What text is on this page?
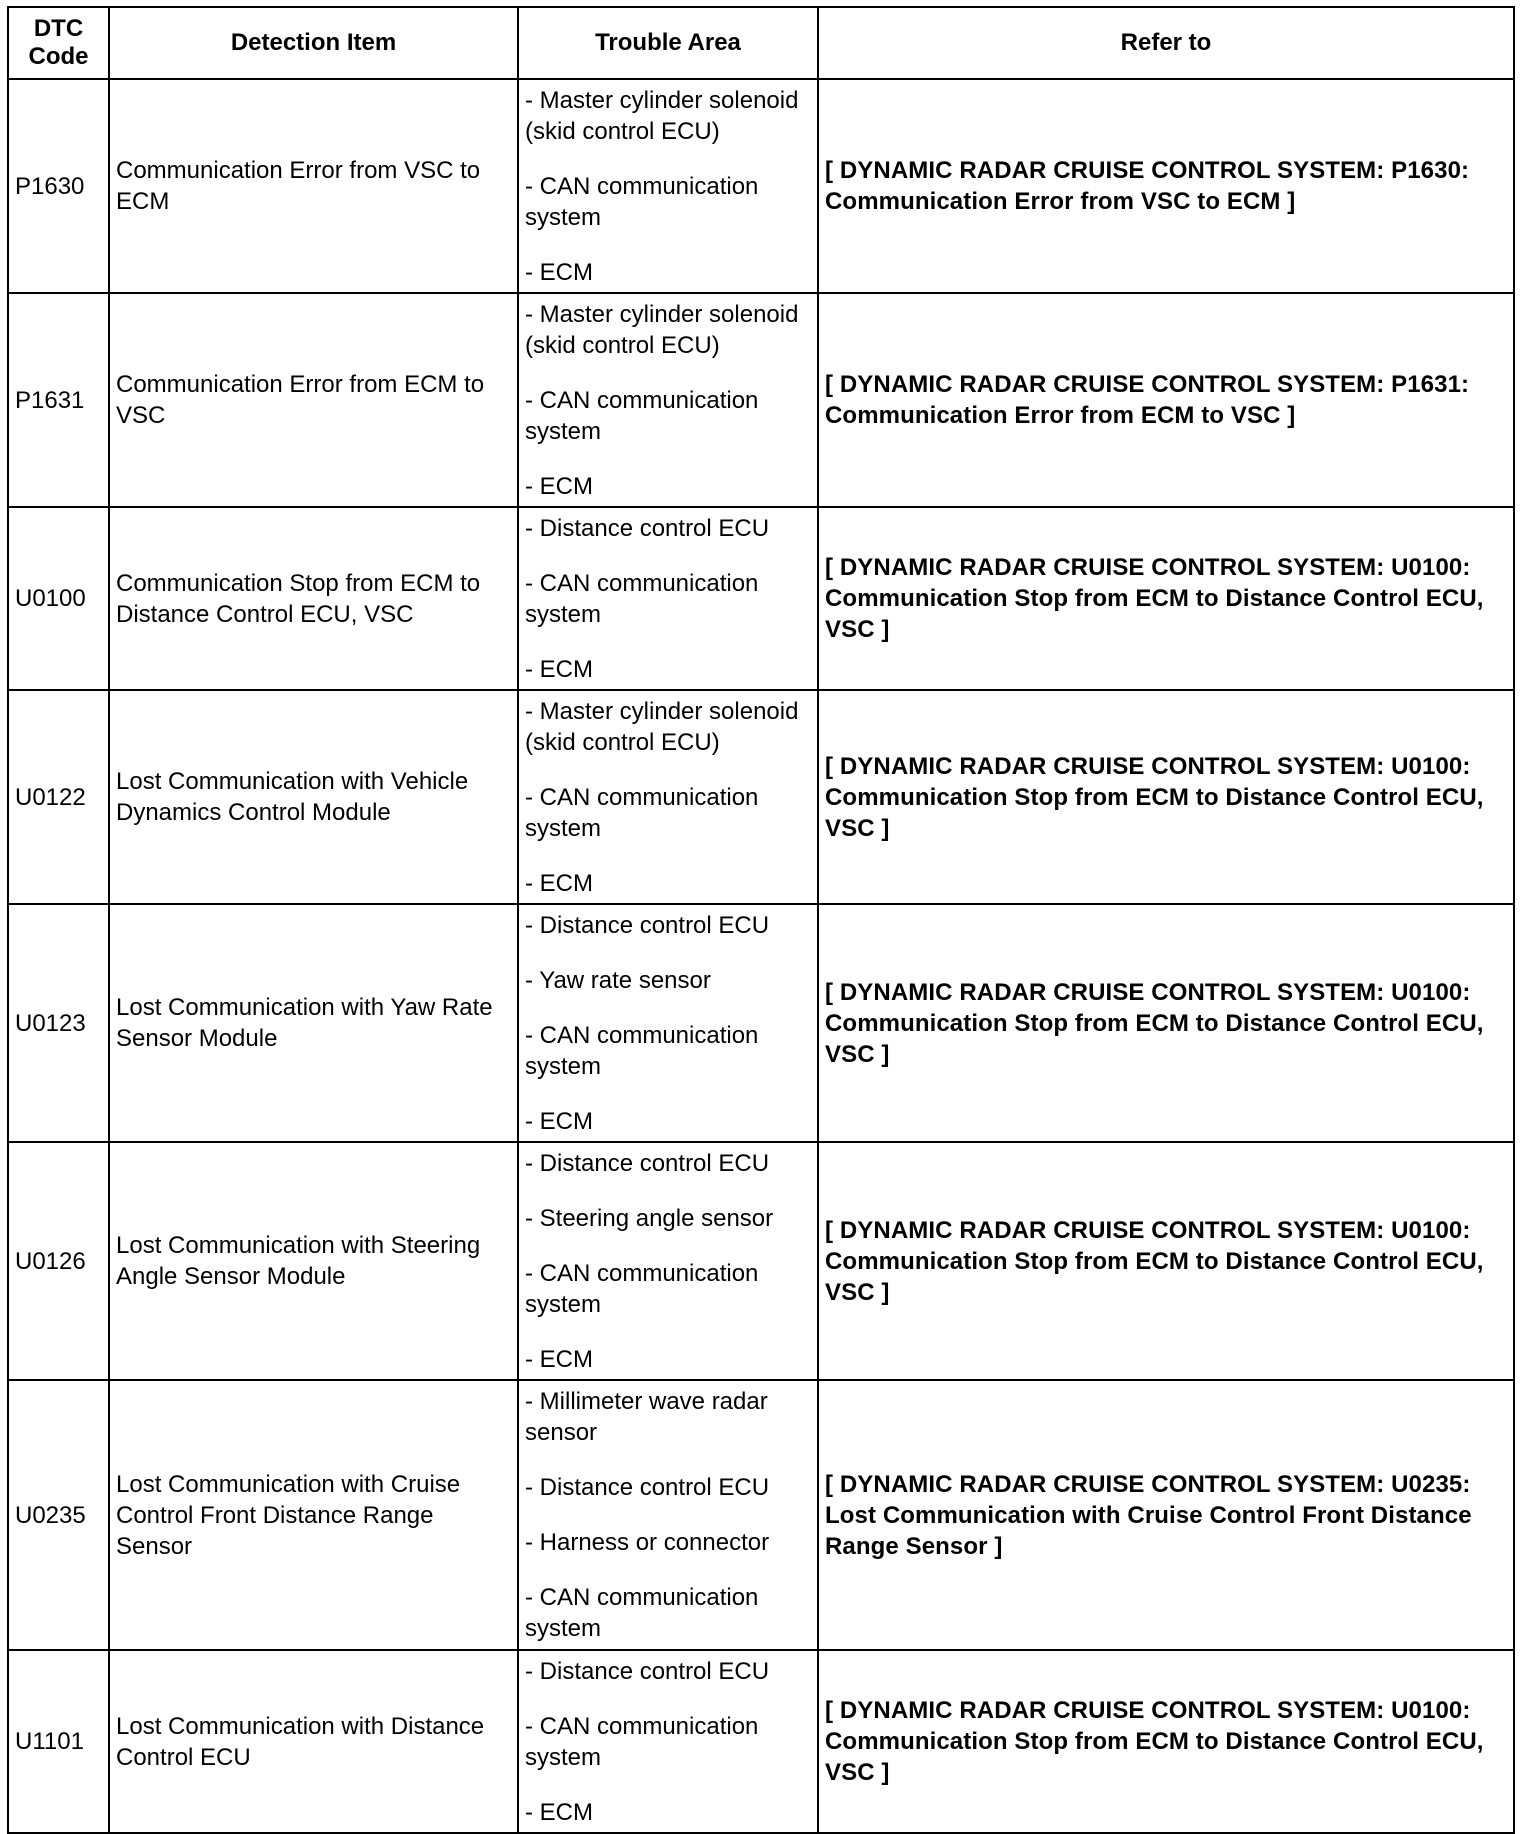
DTC Code	Detection Item	Trouble Area	Refer to
P1630	Communication Error from VSC to ECM	- Master cylinder solenoid (skid control ECU)
- CAN communication system
- ECM	[ DYNAMIC RADAR CRUISE CONTROL SYSTEM: P1630: Communication Error from VSC to ECM ]
P1631	Communication Error from ECM to VSC	- Master cylinder solenoid (skid control ECU)
- CAN communication system
- ECM	[ DYNAMIC RADAR CRUISE CONTROL SYSTEM: P1631: Communication Error from ECM to VSC ]
U0100	Communication Stop from ECM to Distance Control ECU, VSC	- Distance control ECU
- CAN communication system
- ECM	[ DYNAMIC RADAR CRUISE CONTROL SYSTEM: U0100: Communication Stop from ECM to Distance Control ECU, VSC ]
U0122	Lost Communication with Vehicle Dynamics Control Module	- Master cylinder solenoid (skid control ECU)
- CAN communication system
- ECM	[ DYNAMIC RADAR CRUISE CONTROL SYSTEM: U0100: Communication Stop from ECM to Distance Control ECU, VSC ]
U0123	Lost Communication with Yaw Rate Sensor Module	- Distance control ECU
- Yaw rate sensor
- CAN communication system
- ECM	[ DYNAMIC RADAR CRUISE CONTROL SYSTEM: U0100: Communication Stop from ECM to Distance Control ECU, VSC ]
U0126	Lost Communication with Steering Angle Sensor Module	- Distance control ECU
- Steering angle sensor
- CAN communication system
- ECM	[ DYNAMIC RADAR CRUISE CONTROL SYSTEM: U0100: Communication Stop from ECM to Distance Control ECU, VSC ]
U0235	Lost Communication with Cruise Control Front Distance Range Sensor	- Millimeter wave radar sensor
- Distance control ECU
- Harness or connector
- CAN communication system	[ DYNAMIC RADAR CRUISE CONTROL SYSTEM: U0235: Lost Communication with Cruise Control Front Distance Range Sensor ]
U1101	Lost Communication with Distance Control ECU	- Distance control ECU
- CAN communication system
- ECM	[ DYNAMIC RADAR CRUISE CONTROL SYSTEM: U0100: Communication Stop from ECM to Distance Control ECU, VSC ]
